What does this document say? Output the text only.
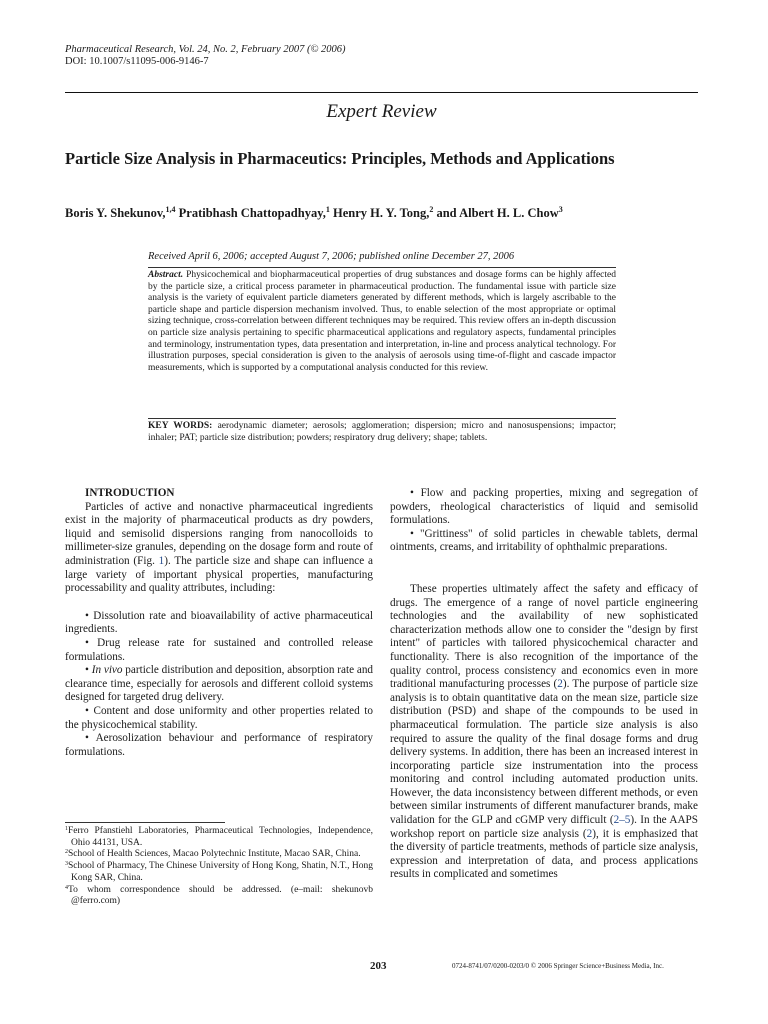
Pharmaceutical Research, Vol. 24, No. 2, February 2007 (© 2006)
DOI: 10.1007/s11095-006-9146-7
Expert Review
Particle Size Analysis in Pharmaceutics: Principles, Methods and Applications
Boris Y. Shekunov,$^{1,4}$ Pratibhash Chattopadhyay,$^1$ Henry H. Y. Tong,$^2$ and Albert H. L. Chow$^3$
Received April 6, 2006; accepted August 7, 2006; published online December 27, 2006
Abstract. Physicochemical and biopharmaceutical properties of drug substances and dosage forms can be highly affected by the particle size, a critical process parameter in pharmaceutical production. The fundamental issue with particle size analysis is the variety of equivalent particle diameters generated by different methods, which is largely ascribable to the particle shape and particle dispersion mechanism involved. Thus, to enable selection of the most appropriate or optimal sizing technique, cross-correlation between different techniques may be required. This review offers an in-depth discussion on particle size analysis pertaining to specific pharmaceutical applications and regulatory aspects, fundamental principles and terminology, instrumentation types, data presentation and interpretation, in-line and process analytical technology. For illustration purposes, special consideration is given to the analysis of aerosols using time-of-flight and cascade impactor measurements, which is supported by a computational analysis conducted for this review.
KEY WORDS: aerodynamic diameter; aerosols; agglomeration; dispersion; micro and nanosuspensions; impactor; inhaler; PAT; particle size distribution; powders; respiratory drug delivery; shape; tablets.

INTRODUCTION

Particles of active and nonactive pharmaceutical ingredients exist in the majority of pharmaceutical products as dry powders, liquid and semisolid dispersions ranging from nanocolloids to millimeter-size granules, depending on the dosage form and route of administration (Fig. 1). The particle size and shape can influence a large variety of important physical properties, manufacturing processability and quality attributes, including:

• Dissolution rate and bioavailability of active pharmaceutical ingredients.

• Drug release rate for sustained and controlled release formulations.

• In vivo particle distribution and deposition, absorption rate and clearance time, especially for aerosols and different colloid systems designed for targeted drug delivery.

• Content and dose uniformity and other properties related to the physicochemical stability.

• Aerosolization behaviour and performance of respiratory formulations.

• Flow and packing properties, mixing and segregation of powders, rheological characteristics of liquid and semisolid formulations.

• "Grittiness" of solid particles in chewable tablets, dermal ointments, creams, and irritability of ophthalmic preparations.

These properties ultimately affect the safety and efficacy of drugs. The emergence of a range of novel particle engineering technologies and the availability of new sophisticated characterization methods allow one to consider the "design by first intent" of particles with tailored physicochemical character and functionality. There is also recognition of the importance of the quality control, process consistency and economics even in more traditional manufacturing processes (2). The purpose of particle size analysis is to obtain quantitative data on the mean size, particle size distribution (PSD) and shape of the compounds to be used in pharmaceutical formulation. The particle size analysis is also required to assure the quality of the final dosage forms and drug delivery systems. In addition, there has been an increased interest in incorporating particle size instrumentation into the process monitoring and control including automated production units. However, the data inconsistency between different methods, or even between similar instruments of different manufacturer brands, make validation for the GLP and cGMP very difficult (2–5). In the AAPS workshop report on particle size analysis (2), it is emphasized that the diversity of particle treatments, methods of particle size analysis, expression and interpretation of data, and process applications results in complicated and sometimes

$^1$Ferro Pfanstiehl Laboratories, Pharmaceutical Technologies, Independence, Ohio 44131, USA.

$^2$School of Health Sciences, Macao Polytechnic Institute, Macao SAR, China.

$^3$School of Pharmacy, The Chinese University of Hong Kong, Shatin, N.T., Hong Kong SAR, China.

$^4$To whom correspondence should be addressed. (e–mail: shekunovb @ferro.com)

203	0724-8741/07/0200-0203/0 © 2006 Springer Science+Business Media, Inc.
